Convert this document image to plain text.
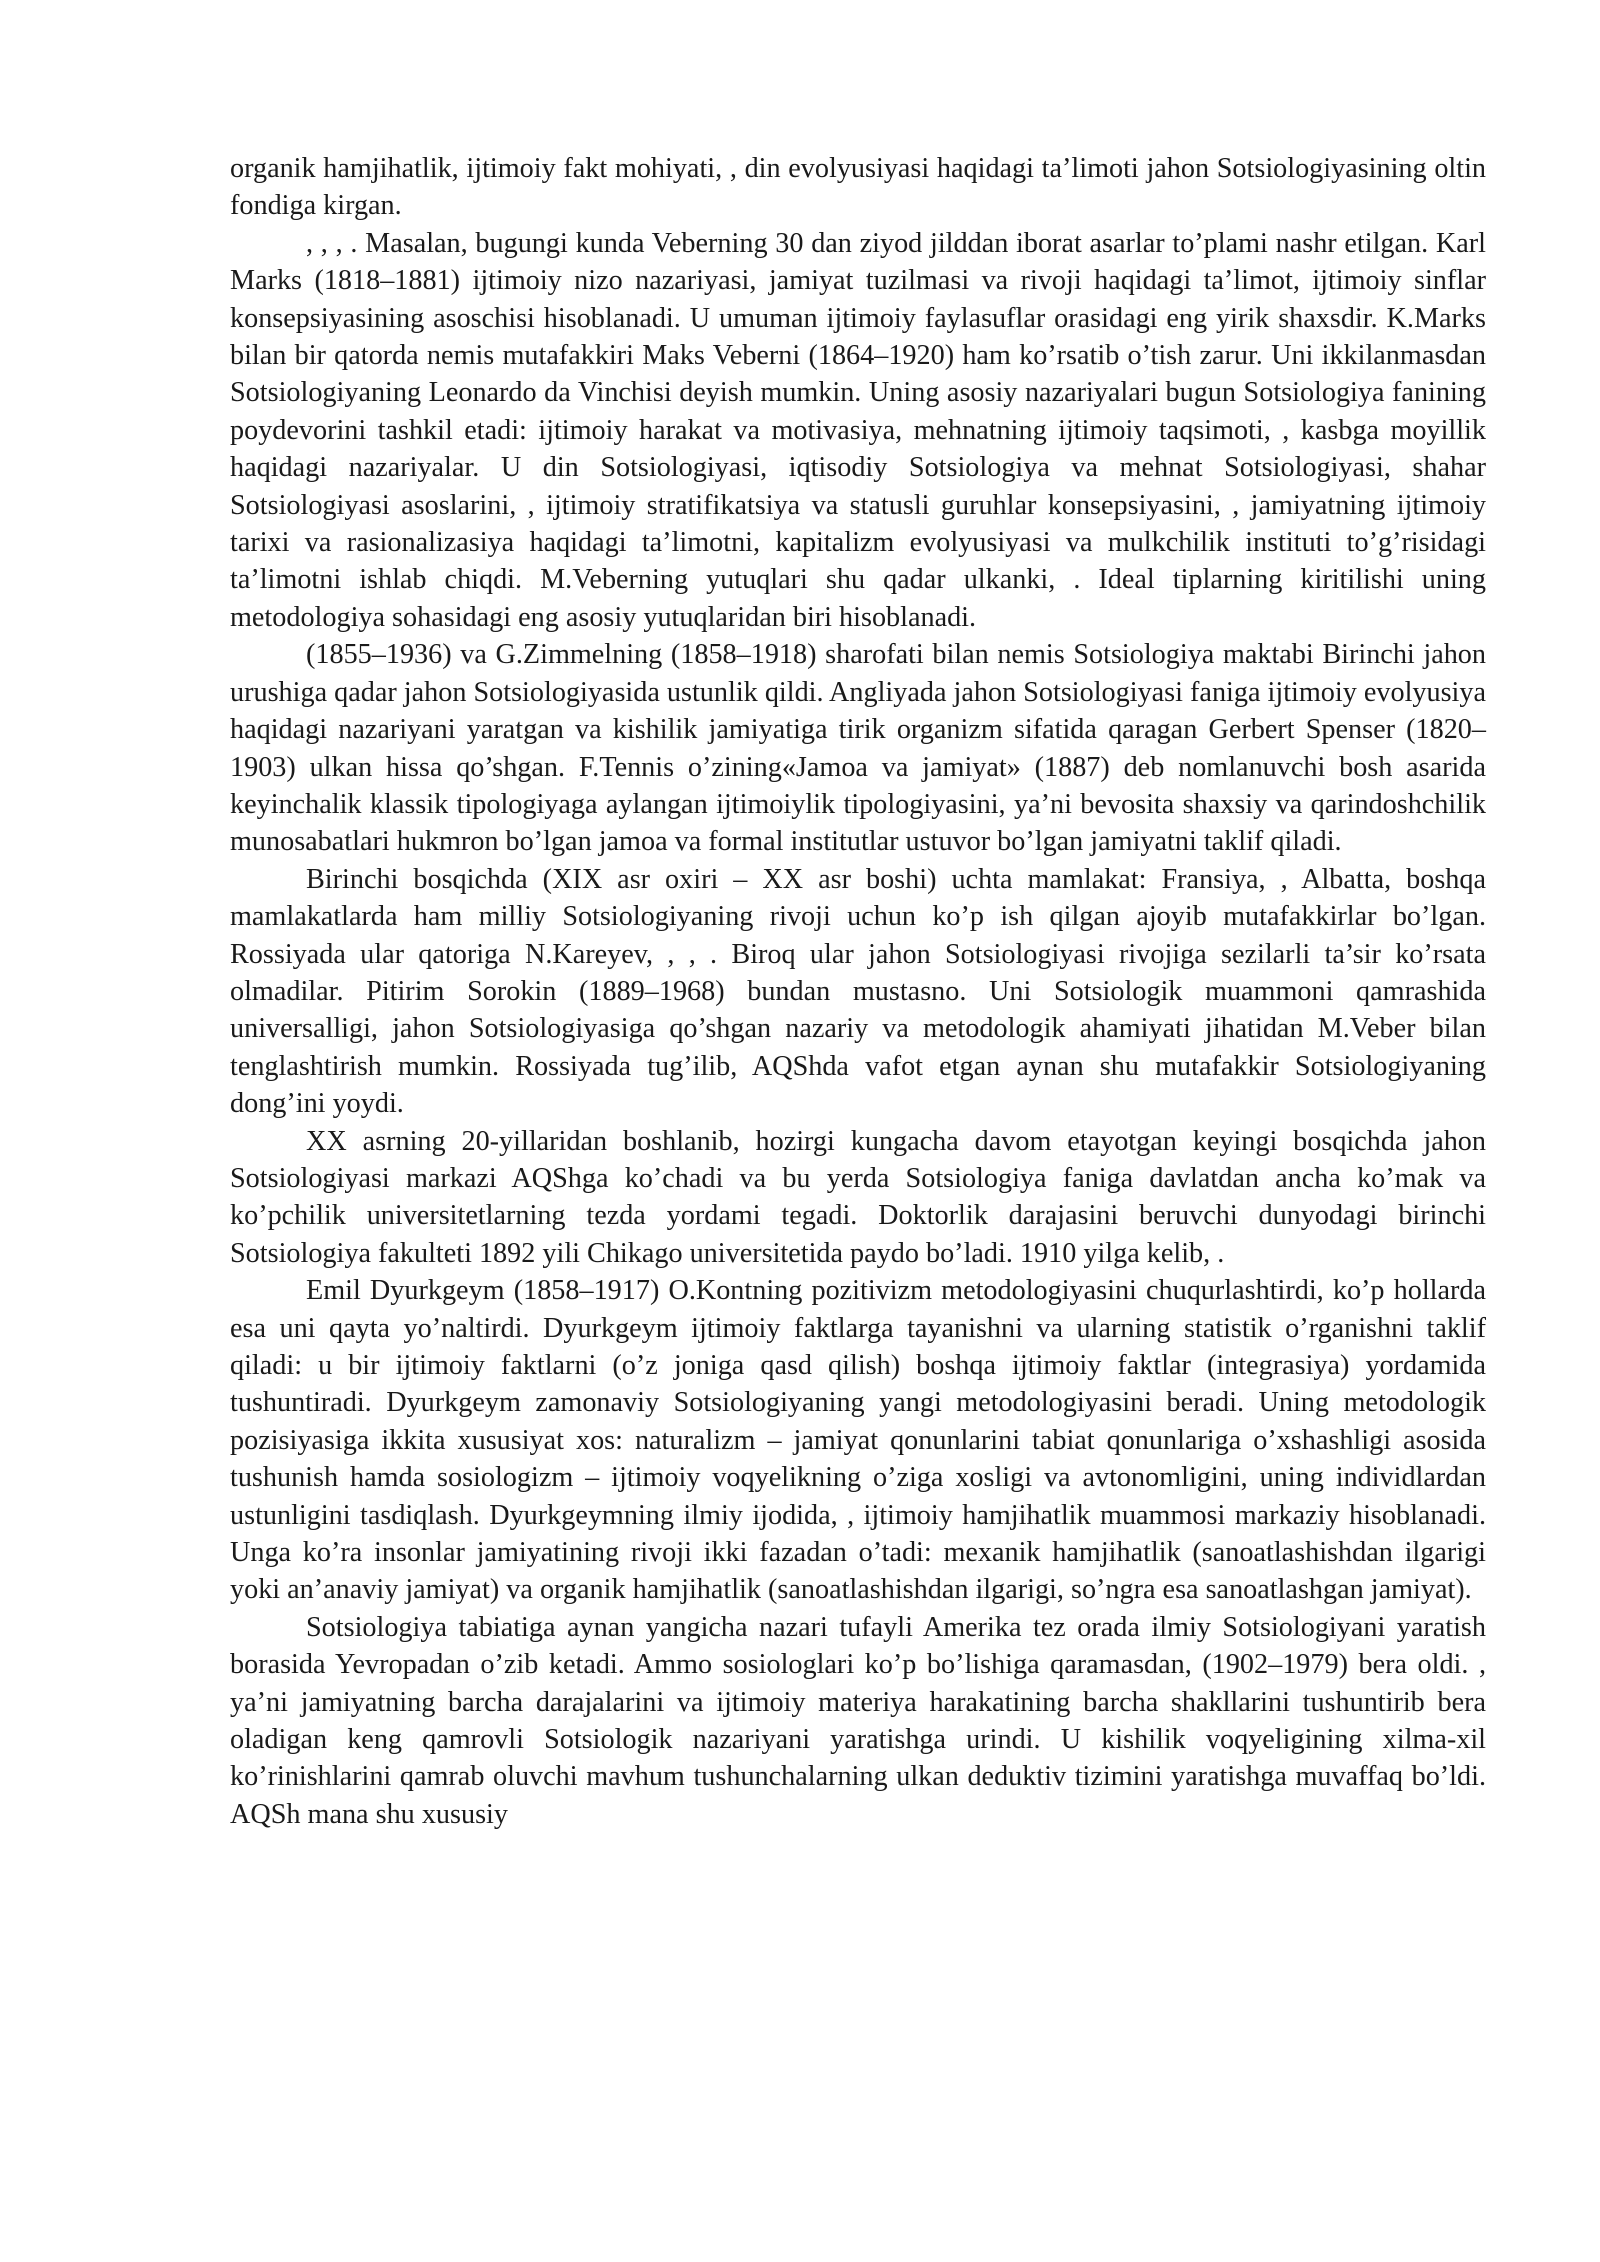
organik hamjihatlik, ijtimoiy fakt mohiyati, , din evolyusiyasi haqidagi ta’limoti jahon Sotsiologiyasining oltin fondiga kirgan.

, , , . Masalan, bugungi kunda Veberning 30 dan ziyod jilddan iborat asarlar to’plami nashr etilgan. Karl Marks (1818–1881) ijtimoiy nizo nazariyasi, jamiyat tuzilmasi va rivoji haqidagi ta’limot, ijtimoiy sinflar konsepsiyasining asoschisi hisoblanadi. U umuman ijtimoiy faylasuflar orasidagi eng yirik shaxsdir. K.Marks bilan bir qatorda nemis mutafakkiri Maks Veberni (1864–1920) ham ko’rsatib o’tish zarur. Uni ikkilanmasdan Sotsiologiyaning Leonardo da Vinchisi deyish mumkin. Uning asosiy nazariyalari bugun Sotsiologiya fanining poydevorini tashkil etadi: ijtimoiy harakat va motivasiya, mehnatning ijtimoiy taqsimoti, , kasbga moyillik haqidagi nazariyalar. U din Sotsiologiyasi, iqtisodiy Sotsiologiya va mehnat Sotsiologiyasi, shahar Sotsiologiyasi asoslarini, , ijtimoiy stratifikatsiya va statusli guruhlar konsepsiyasini, , jamiyatning ijtimoiy tarixi va rasionalizasiya haqidagi ta’limotni, kapitalizm evolyusiyasi va mulkchilik instituti to’g’risidagi ta’limotni ishlab chiqdi. M.Veberning yutuqlari shu qadar ulkanki, . Ideal tiplarning kiritilishi uning metodologiya sohasidagi eng asosiy yutuqlaridan biri hisoblanadi.

(1855–1936) va G.Zimmelning (1858–1918) sharofati bilan nemis Sotsiologiya maktabi Birinchi jahon urushiga qadar jahon Sotsiologiyasida ustunlik qildi. Angliyada jahon Sotsiologiyasi faniga ijtimoiy evolyusiya haqidagi nazariyani yaratgan va kishilik jamiyatiga tirik organizm sifatida qaragan Gerbert Spenser (1820–1903) ulkan hissa qo’shgan. F.Tennis o’zining«Jamoa va jamiyat» (1887) deb nomlanuvchi bosh asarida keyinchalik klassik tipologiyaga aylangan ijtimoiylik tipologiyasini, ya’ni bevosita shaxsiy va qarindoshchilik munosabatlari hukmron bo’lgan jamoa va formal institutlar ustuvor bo’lgan jamiyatni taklif qiladi.

Birinchi bosqichda (XIX asr oxiri – XX asr boshi) uchta mamlakat: Fransiya, , Albatta, boshqa mamlakatlarda ham milliy Sotsiologiyaning rivoji uchun ko’p ish qilgan ajoyib mutafakkirlar bo’lgan. Rossiyada ular qatoriga N.Kareyev, , , . Biroq ular jahon Sotsiologiyasi rivojiga sezilarli ta’sir ko’rsata olmadilar. Pitirim Sorokin (1889–1968) bundan mustasno. Uni Sotsiologik muammoni qamrashida universalligi, jahon Sotsiologiyasiga qo’shgan nazariy va metodologik ahamiyati jihatidan M.Veber bilan tenglashtirish mumkin. Rossiyada tug’ilib, AQShda vafot etgan aynan shu mutafakkir Sotsiologiyaning dong’ini yoydi.

XX asrning 20-yillaridan boshlanib, hozirgi kungacha davom etayotgan keyingi bosqichda jahon Sotsiologiyasi markazi AQShga ko’chadi va bu yerda Sotsiologiya faniga davlatdan ancha ko’mak va ko’pchilik universitetlarning tezda yordami tegadi. Doktorlik darajasini beruvchi dunyodagi birinchi Sotsiologiya fakulteti 1892 yili Chikago universitetida paydo bo’ladi. 1910 yilga kelib, .

Emil Dyurkgeym (1858–1917) O.Kontning pozitivizm metodologiyasini chuqurlashtirdi, ko’p hollarda esa uni qayta yo’naltirdi. Dyurkgeym ijtimoiy faktlarga tayanishni va ularning statistik o’rganishni taklif qiladi: u bir ijtimoiy faktlarni (o’z joniga qasd qilish) boshqa ijtimoiy faktlar (integrasiya) yordamida tushuntiradi. Dyurkgeym zamonaviy Sotsiologiyaning yangi metodologiyasini beradi. Uning metodologik pozisiyasiga ikkita xususiyat xos: naturalizm – jamiyat qonunlarini tabiat qonunlariga o’xshashligi asosida tushunish hamda sosiologizm – ijtimoiy voqyelikning o’ziga xosligi va avtonomligini, uning individlardan ustunligini tasdiqlash. Dyurkgeymning ilmiy ijodida, , ijtimoiy hamjihatlik muammosi markaziy hisoblanadi. Unga ko’ra insonlar jamiyatining rivoji ikki fazadan o’tadi: mexanik hamjihatlik (sanoatlashishdan ilgarigi yoki an’anaviy jamiyat) va organik hamjihatlik (sanoatlashishdan ilgarigi, so’ngra esa sanoatlashgan jamiyat).

Sotsiologiya tabiatiga aynan yangicha nazari tufayli Amerika tez orada ilmiy Sotsiologiyani yaratish borasida Yevropadan o’zib ketadi. Ammo sosiologlari ko’p bo’lishiga qaramasdan, (1902–1979) bera oldi. , ya’ni jamiyatning barcha darajalarini va ijtimoiy materiya harakatining barcha shakllarini tushuntirib bera oladigan keng qamrovli Sotsiologik nazariyani yaratishga urindi. U kishilik voqyeligining xilma-xil ko’rinishlarini qamrab oluvchi mavhum tushunchalarning ulkan deduktiv tizimini yaratishga muvaffaq bo’ldi. AQSh mana shu xususiy
